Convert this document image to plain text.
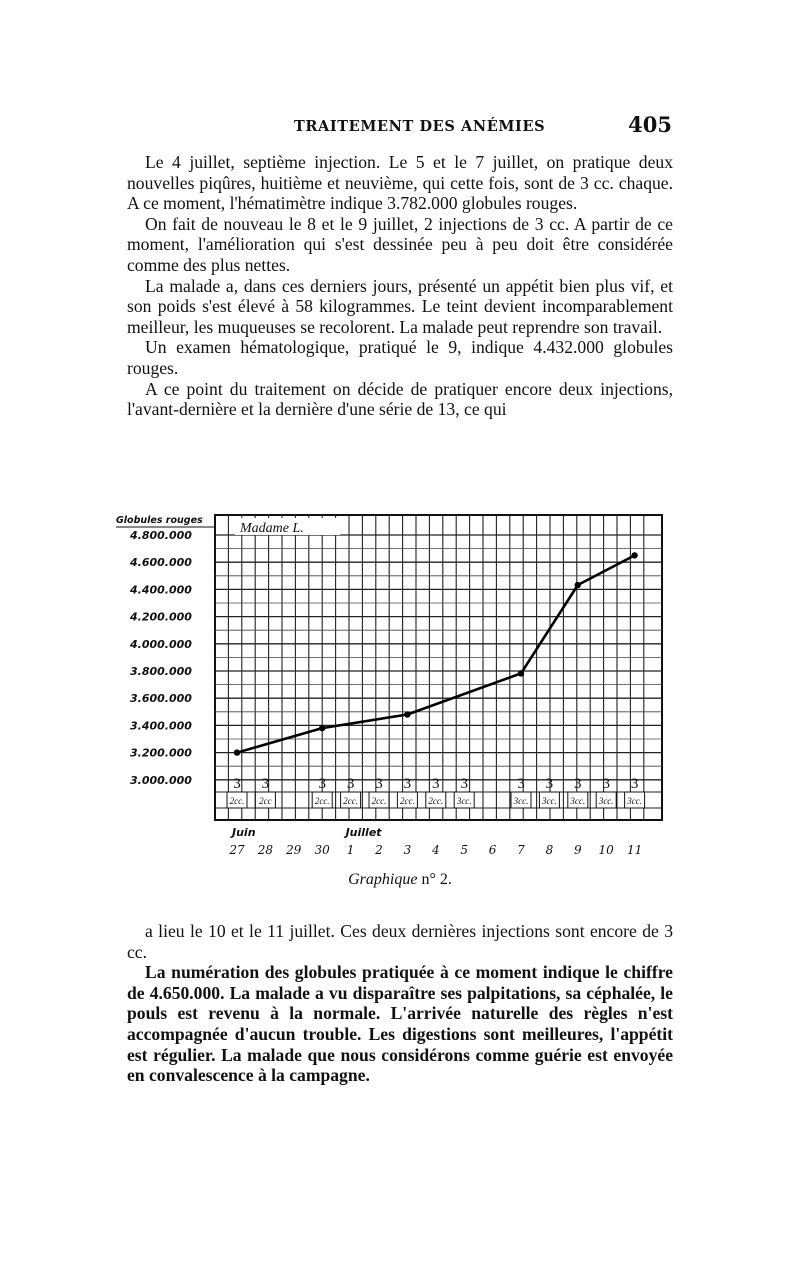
TRAITEMENT DES ANÉMIES	405

Le 4 juillet, septième injection. Le 5 et le 7 juillet, on pratique deux nouvelles piqûres, huitième et neuvième, qui cette fois, sont de 3 cc. chaque. A ce moment, l'hématimètre indique 3.782.000 globules rouges.

On fait de nouveau le 8 et le 9 juillet, 2 injections de 3 cc. A partir de ce moment, l'amélioration qui s'est dessinée peu à peu doit être considérée comme des plus nettes.

La malade a, dans ces derniers jours, présenté un appétit bien plus vif, et son poids s'est élevé à 58 kilogrammes. Le teint devient incomparablement meilleur, les muqueuses se recolorent. La malade peut reprendre son travail.

Un examen hématologique, pratiqué le 9, indique 4.432.000 globules rouges.

A ce point du traitement on décide de pratiquer encore deux injections, l'avant-dernière et la dernière d'une série de 13, ce qui

Globules rouges
4.800.000
4.600.000
4.400.000
4.200.000
4.000.000
3.800.000
3.600.000
3.400.000
3.200.000
3.000.000
Madame L.
3
2cc.
3
2cc
3
2cc.
3
2cc.
3
2cc.
3
2cc.
3
2cc.
3
3cc.
3
3cc.
3
3cc.
3
3cc.
3
3cc.
3
3cc.
Juin	Juillet
27 28 29 30 1 2 3 4 5 6 7 8 9 10 11
Graphique n° 2.

a lieu le 10 et le 11 juillet. Ces deux dernières injections sont encore de 3 cc.

La numération des globules pratiquée à ce moment indique le chiffre de 4.650.000. La malade a vu disparaître ses palpitations, sa céphalée, le pouls est revenu à la normale. L'arrivée naturelle des règles n'est accompagnée d'aucun trouble. Les digestions sont meilleures, l'appétit est régulier. La malade que nous considérons comme guérie est envoyée en convalescence à la campagne.
